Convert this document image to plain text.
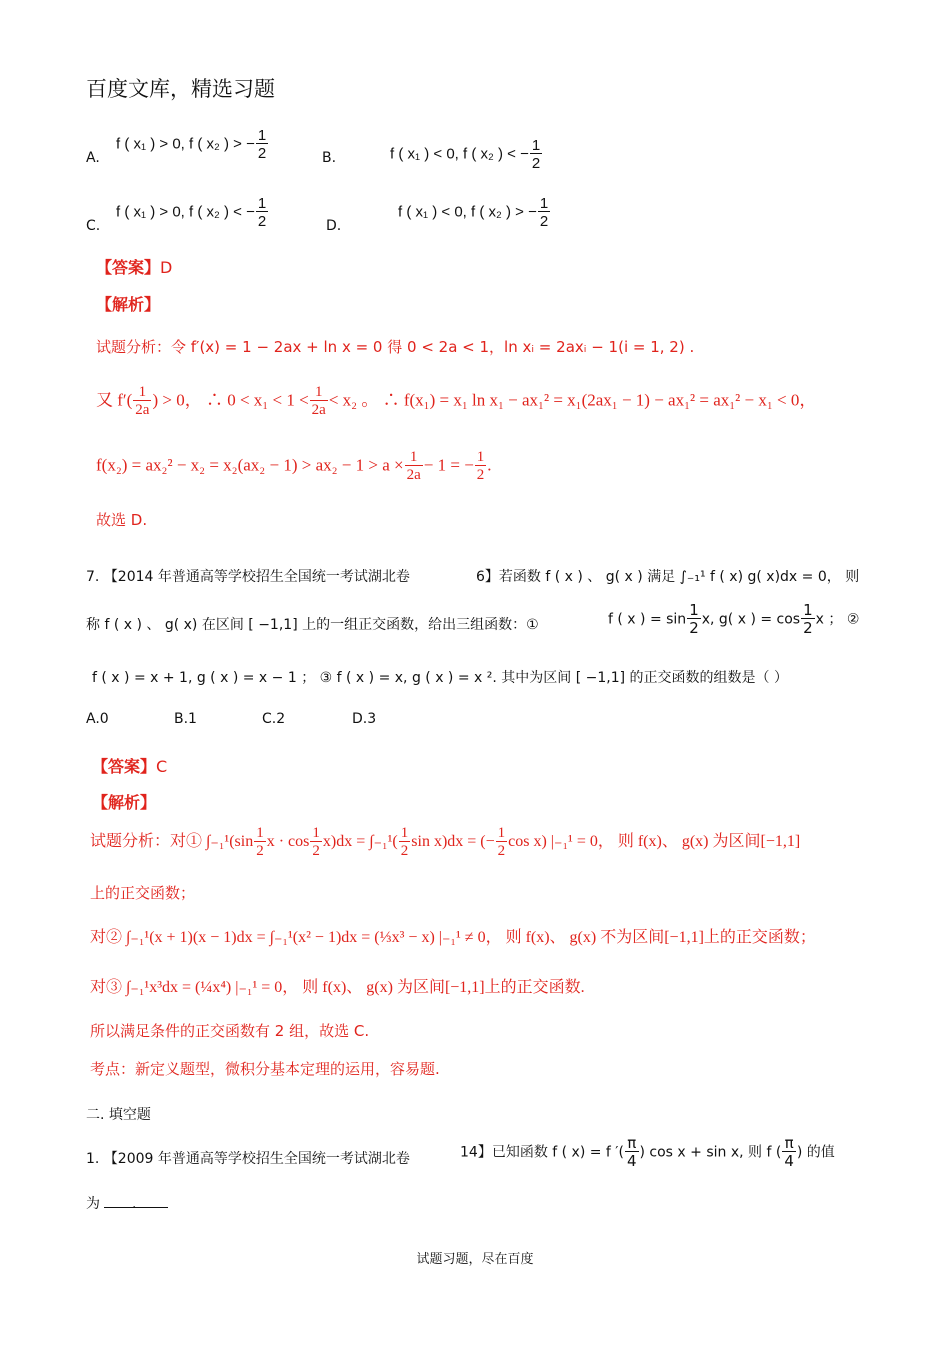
百度文库，精选习题
A.
f ( x₁ ) > 0, f ( x₂ ) > − $\frac{1}{2}$	B.	f ( x₁ ) < 0, f ( x₂ ) < − $\frac{1}{2}$
C.
f ( x₁ ) > 0, f ( x₂ ) < − $\frac{1}{2}$	D.
f ( x₁ ) < 0, f ( x₂ ) > − $\frac{1}{2}$
【答案】D
【解析】
试题分析：令 f′(x) = 1 − 2ax + ln x = 0 得 0 < 2a < 1，ln xᵢ = 2axᵢ − 1(i = 1, 2) .
又 $f'( \frac{1}{2a}$ ) > 0， ∴ $0 < x_1 < 1 < \frac{1}{2a} < x_2$ 。 ∴ f(x₁) = x₁ ln x₁ − ax₁² = x₁(2ax₁ − 1) − ax₁² = ax₁² − x₁ < 0，
$f(x_2) = ax_2^2 - x_2 = x_2(ax_2 - 1) > ax_2 - 1 > a \times \frac{1}{2a} - 1$ = − $\frac{1}{2}$ .
故选 D.
7. 【2014 年普通高等学校招生全国统一考试湖北卷	6】若函数 f ( x ) 、 g( x ) 满足 ∫₋₁¹ f ( x) g( x)dx = 0， 则
称 f ( x ) 、 g( x) 在区间 [ −1,1] 上的一组正交函数，给出三组函数：①	f ( x ) = $\sin \frac{1}{2} x$, g( x ) = $\cos \frac{1}{2}$ x ； ②
f ( x ) = x + 1, g ( x ) = x − 1 ； ③ f ( x ) = x, g ( x ) = x ². 其中为区间 [ −1,1] 的正交函数的组数是（ ）
A.0	B.1	C.2	D.3
【答案】C
【解析】
试题分析：对① $\int_{-1}^1(\sin \frac{1}{2}$ $x \cdot \cos \frac{1}{2} x)dx = \int_{-1}^1( \frac{1}{2}$ sin x)dx = (− $\frac{1}{2}$ cos x) |₋₁¹ = 0， 则 f(x)、 g(x) 为区间[−1,1]
上的正交函数；
对② ∫₋₁¹(x + 1)(x − 1)dx = ∫₋₁¹(x² − 1)dx = (⅓x³ − x) |₋₁¹ ≠ 0， 则 f(x)、 g(x) 不为区间[−1,1]上的正交函数；
对③ ∫₋₁¹x³dx = (¼x⁴) |₋₁¹ = 0， 则 f(x)、 g(x) 为区间[−1,1]上的正交函数.
所以满足条件的正交函数有 2 组，故选 C.
考点：新定义题型，微积分基本定理的运用，容易题.
二. 填空题
1. 【2009 年普通高等学校招生全国统一考试湖北卷	14】已知函数 f ( x) = f ′( $\frac{\pi}{4}$ ) cos x + sin x, 则 f ( $\frac{\pi}{4}$ ) 的值
为 .
试题习题，尽在百度
